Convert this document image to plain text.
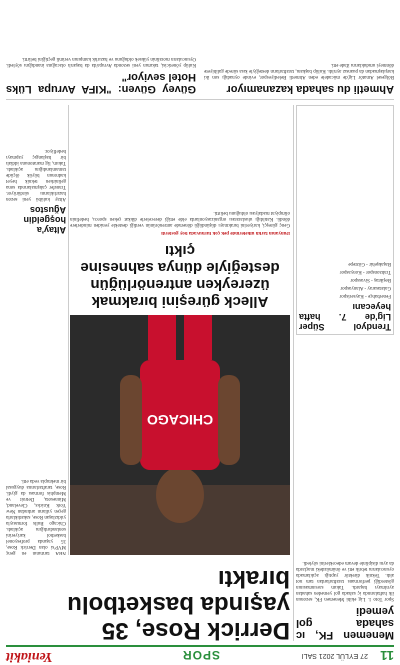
11
27 EYLÜL 2021 SALI
SPOR
Yeniakit
Menemen FK, ıc sahada gol yemedi

Spor Toto 1. Lig ekibi Menemen FK, sezonun ilk haftalarında iç sahada gol yemeden sahadan ayrılmayı başardı. Takım savunmasının gösterdiği performans taraftarlardan tam not aldı. Teknik direktör yaptığı açıklamada oyuncularını tebrik etti ve önümüzdeki maçlarda da aynı disiplinle devam edeceklerini söyledi.

Derrick Rose, 35 yaşında basketbolu bıraktı
CHICAGO

NBA tarihinin en genç MVP'si olan Derrick Rose, 35 yaşında profesyonel basketbol kariyerini sonlandırdığını açıkladı. Chicago Bulls formasıyla yıldızlaşan Rose, sakatlıklarla geçen yılların ardından New York Knicks, Cleveland, Minnesota, Detroit ve Memphis forması da giydi. Rose, taraftarlarına duygusal bir mektupla veda etti.

Alleck güreşini bırakmak üzereyken antrenörlüğün desteğiyle dünya sahnesine çıktı

Dünyanın farklı ülkelerinde pek çok turnuvada boy gösterdi

Genç güreşçi, kariyerini bırakmayı düşündüğü dönemde antrenörünün verdiği destekle yeniden minderlere döndü. Katıldığı uluslararası organizasyonlarda elde ettiği derecelerle dikkat çeken sporcu, hedefinin olimpiyat madalyası olduğunu belirtti.

Altay'a hoşgeldin Ağustos

Altay kulübü yeni sezon hazırlıklarını sürdürüyor. Transfer çalışmalarında sona gelinirken teknik heyet kadronun büyük ölçüde tamamlandığını açıkladı. Takım, lig maratonuna iddialı bir başlangıç yapmayı hedefliyor.

Trendyol Süper Lig'de 7. hafta heyecanı

Fenerbahçe - Kayserispor

Galatasaray - Alanyaspor

Beşiktaş - Sivasspor

Trabzonspor - Konyaspor

Başakşehir - Göztepe

Ahmetli du sahada kazanamıyor

Bölgesel Amatör Lig'de mücadele eden Ahmetli Belediyespor, evinde oynadığı son iki karşılaşmadan da puansız ayrıldı. Kulüp başkanı, taraftarların desteğiyle kısa sürede galibiyete dönmeyi umduklarını ifade etti.

Güvey Güven: "KIFA Avrupa Lüks Hotel seviyor"

Kulüp yöneticisi, takımın yeni sezonda Avrupa'da da başarılı olacağına inandığını söyledi. Oyuncuların moralinin yüksek olduğunu ve hazırlık kampının verimli geçtiğini belirtti.
